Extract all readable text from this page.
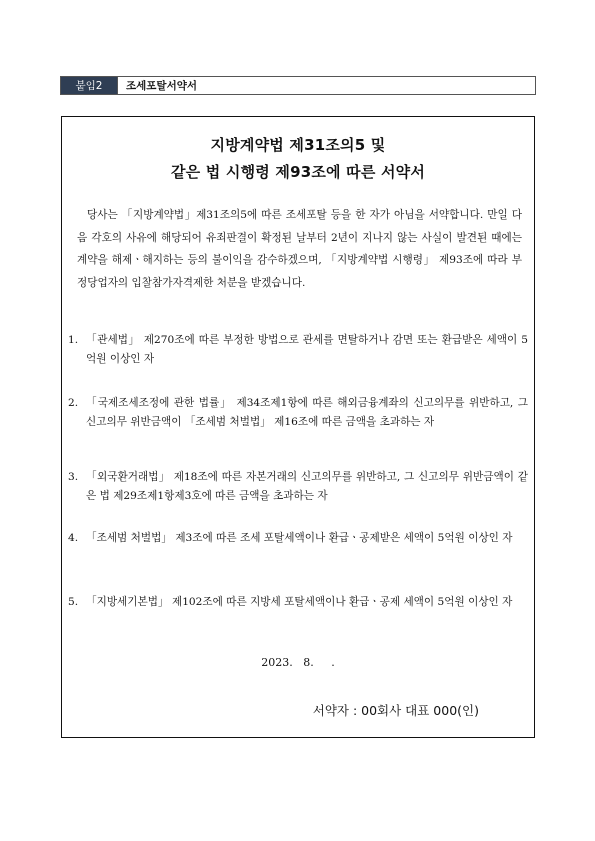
붙임2	조세포탈서약서
지방계약법 제31조의5 및
같은 법 시행령 제93조에 따른 서약서

당사는 「지방계약법」제31조의5에 따른 조세포탈 등을 한 자가 아님을 서약합니다. 만일 다음 각호의 사유에 해당되어 유죄판결이 확정된 날부터 2년이 지나지 않는 사실이 발견된 때에는 계약을 해제ㆍ해지하는 등의 불이익을 감수하겠으며, 「지방계약법 시행령」 제93조에 따라 부정당업자의 입찰참가자격제한 처분을 받겠습니다.

1. 「관세법」 제270조에 따른 부정한 방법으로 관세를 면탈하거나 감면 또는 환급받은 세액이 5억원 이상인 자
2. 「국제조세조정에 관한 법률」 제34조제1항에 따른 해외금융계좌의 신고의무를 위반하고, 그 신고의무 위반금액이 「조세범 처벌법」 제16조에 따른 금액을 초과하는 자
3. 「외국환거래법」 제18조에 따른 자본거래의 신고의무를 위반하고, 그 신고의무 위반금액이 같은 법 제29조제1항제3호에 따른 금액을 초과하는 자
4. 「조세범 처벌법」 제3조에 따른 조세 포탈세액이나 환급ㆍ공제받은 세액이 5억원 이상인 자
5. 「지방세기본법」 제102조에 따른 지방세 포탈세액이나 환급ㆍ공제 세액이 5억원 이상인 자
2023.   8.     .
서약자 : 00회사 대표 000(인)
